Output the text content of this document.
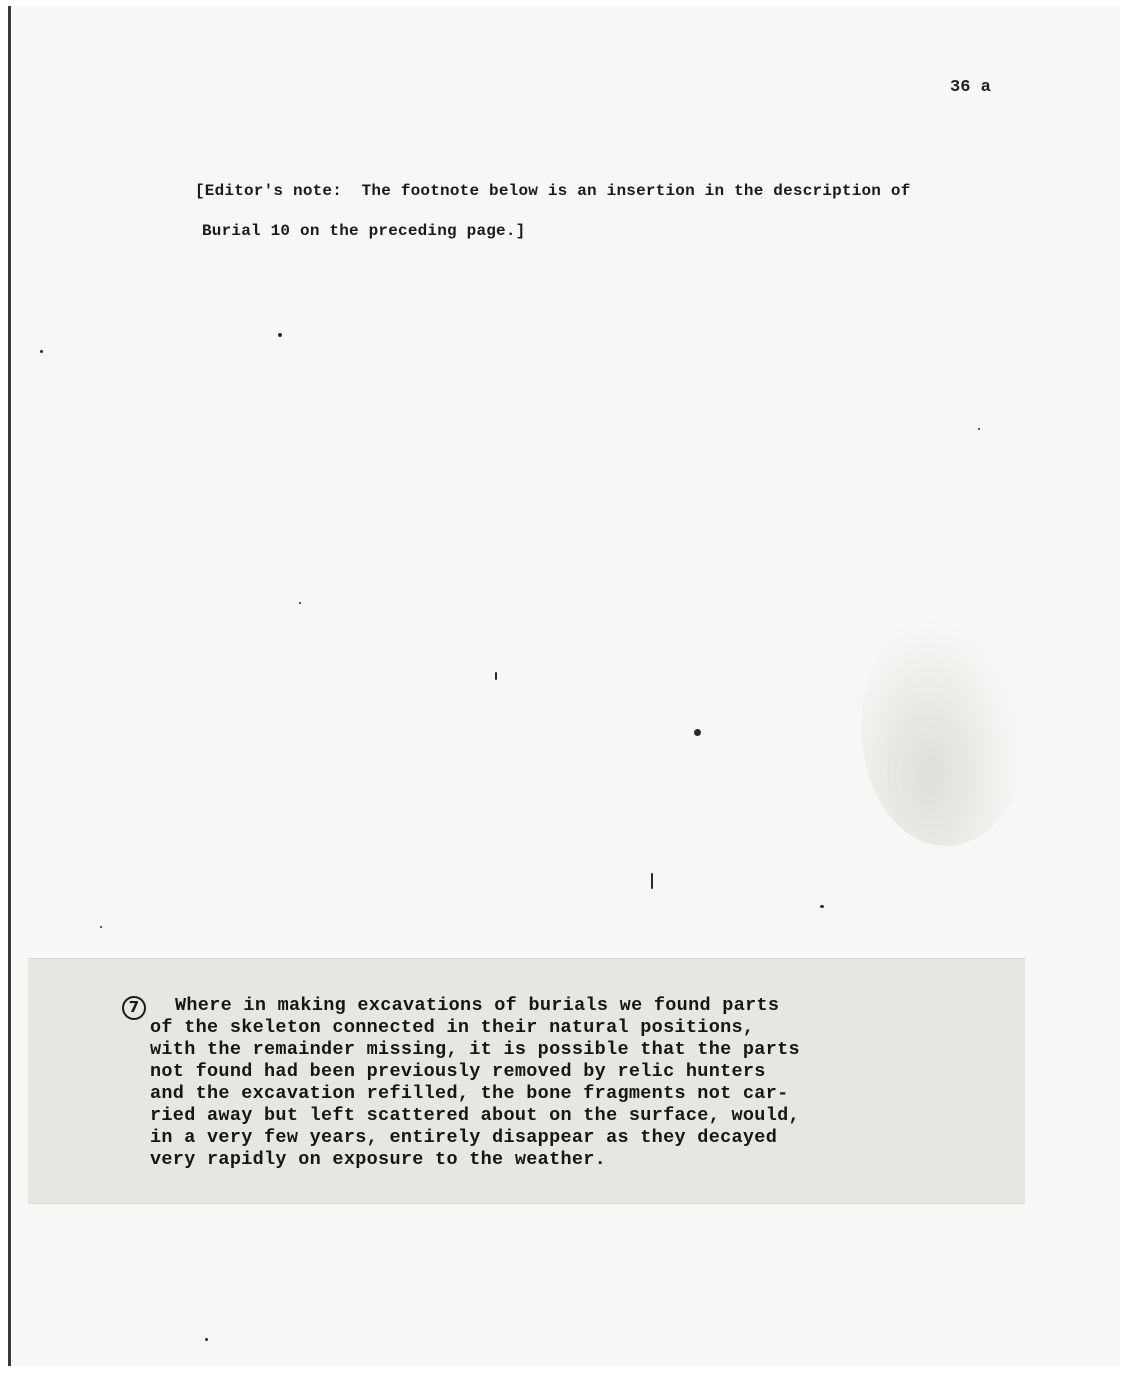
36 a
[Editor's note:  The footnote below is an insertion in the description of
Burial 10 on the preceding page.]
7	Where in making excavations of burials we found parts
of the skeleton connected in their natural positions,
with the remainder missing, it is possible that the parts
not found had been previously removed by relic hunters
and the excavation refilled, the bone fragments not car-
ried away but left scattered about on the surface, would,
in a very few years, entirely disappear as they decayed
very rapidly on exposure to the weather.
